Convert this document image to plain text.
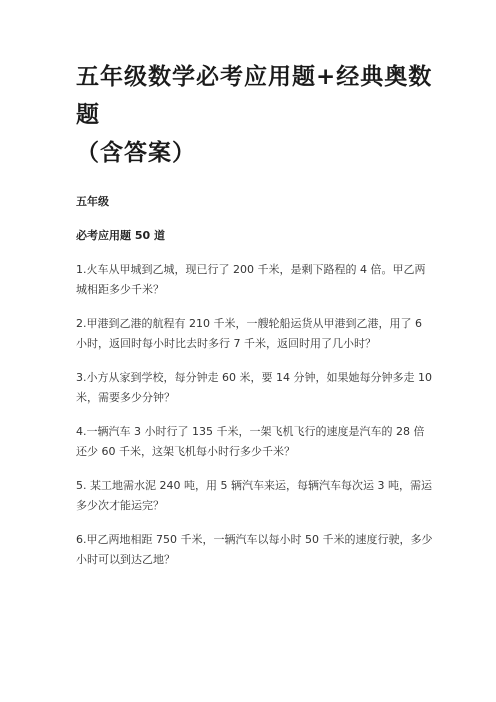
五年级数学必考应用题+经典奥数题
（含答案）

五年级

必考应用题 50 道

1.火车从甲城到乙城，现已行了 200 千米，是剩下路程的 4 倍。甲乙两城相距多少千米？
2.甲港到乙港的航程有 210 千米，一艘轮船运货从甲港到乙港，用了 6 小时，返回时每小时比去时多行 7 千米，返回时用了几小时？
3.小方从家到学校，每分钟走 60 米，要 14 分钟，如果她每分钟多走 10 米，需要多少分钟？
4.一辆汽车 3 小时行了 135 千米，一架飞机飞行的速度是汽车的 28 倍还少 60 千米，这架飞机每小时行多少千米？
5. 某工地需水泥 240 吨，用 5 辆汽车来运，每辆汽车每次运 3 吨，需运多少次才能运完？
6.甲乙两地相距 750 千米，一辆汽车以每小时 50 千米的速度行驶，多少小时可以到达乙地？
